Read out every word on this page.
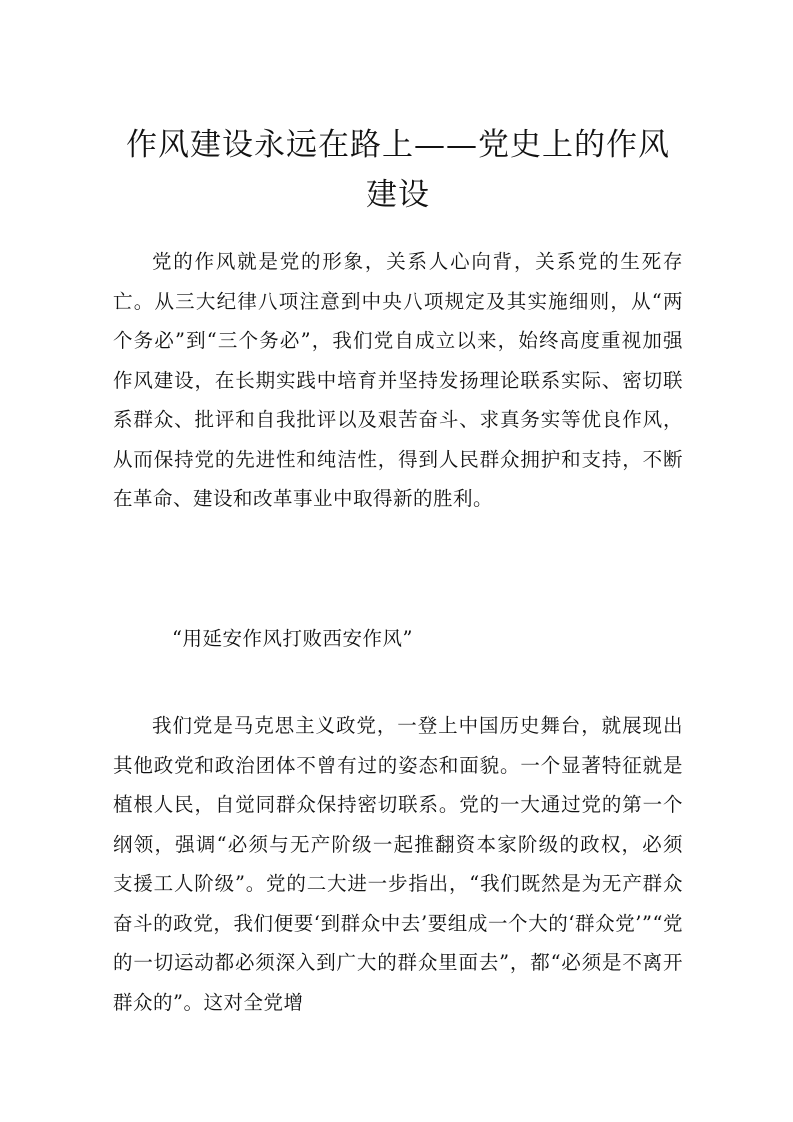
作风建设永远在路上——党史上的作风建设

党的作风就是党的形象，关系人心向背，关系党的生死存亡。从三大纪律八项注意到中央八项规定及其实施细则，从“两个务必”到“三个务必”，我们党自成立以来，始终高度重视加强作风建设，在长期实践中培育并坚持发扬理论联系实际、密切联系群众、批评和自我批评以及艰苦奋斗、求真务实等优良作风，从而保持党的先进性和纯洁性，得到人民群众拥护和支持，不断在革命、建设和改革事业中取得新的胜利。

“用延安作风打败西安作风”

我们党是马克思主义政党，一登上中国历史舞台，就展现出其他政党和政治团体不曾有过的姿态和面貌。一个显著特征就是植根人民，自觉同群众保持密切联系。党的一大通过党的第一个纲领，强调“必须与无产阶级一起推翻资本家阶级的政权，必须支援工人阶级”。党的二大进一步指出，“我们既然是为无产群众奋斗的政党，我们便要‘到群众中去’要组成一个大的‘群众党’”“党的一切运动都必须深入到广大的群众里面去”，都“必须是不离开群众的”。这对全党增
